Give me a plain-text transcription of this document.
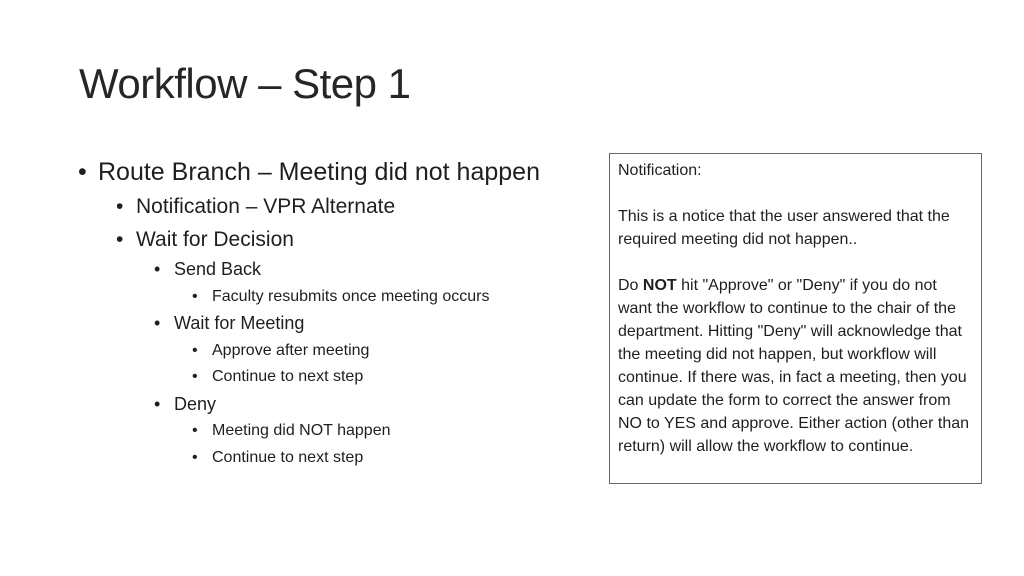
Workflow – Step 1
• Route Branch – Meeting did not happen
• Notification – VPR Alternate
• Wait for Decision
• Send Back
• Faculty resubmits once meeting occurs
• Wait for Meeting
• Approve after meeting
• Continue to next step
• Deny
• Meeting did NOT happen
• Continue to next step

Notification:

This is a notice that the user answered that the required meeting did not happen..

Do NOT hit "Approve" or "Deny" if you do not want the workflow to continue to the chair of the department. Hitting "Deny" will acknowledge that the meeting did not happen, but workflow will continue. If there was, in fact a meeting, then you can update the form to correct the answer from NO to YES and approve. Either action (other than return) will allow the workflow to continue.
